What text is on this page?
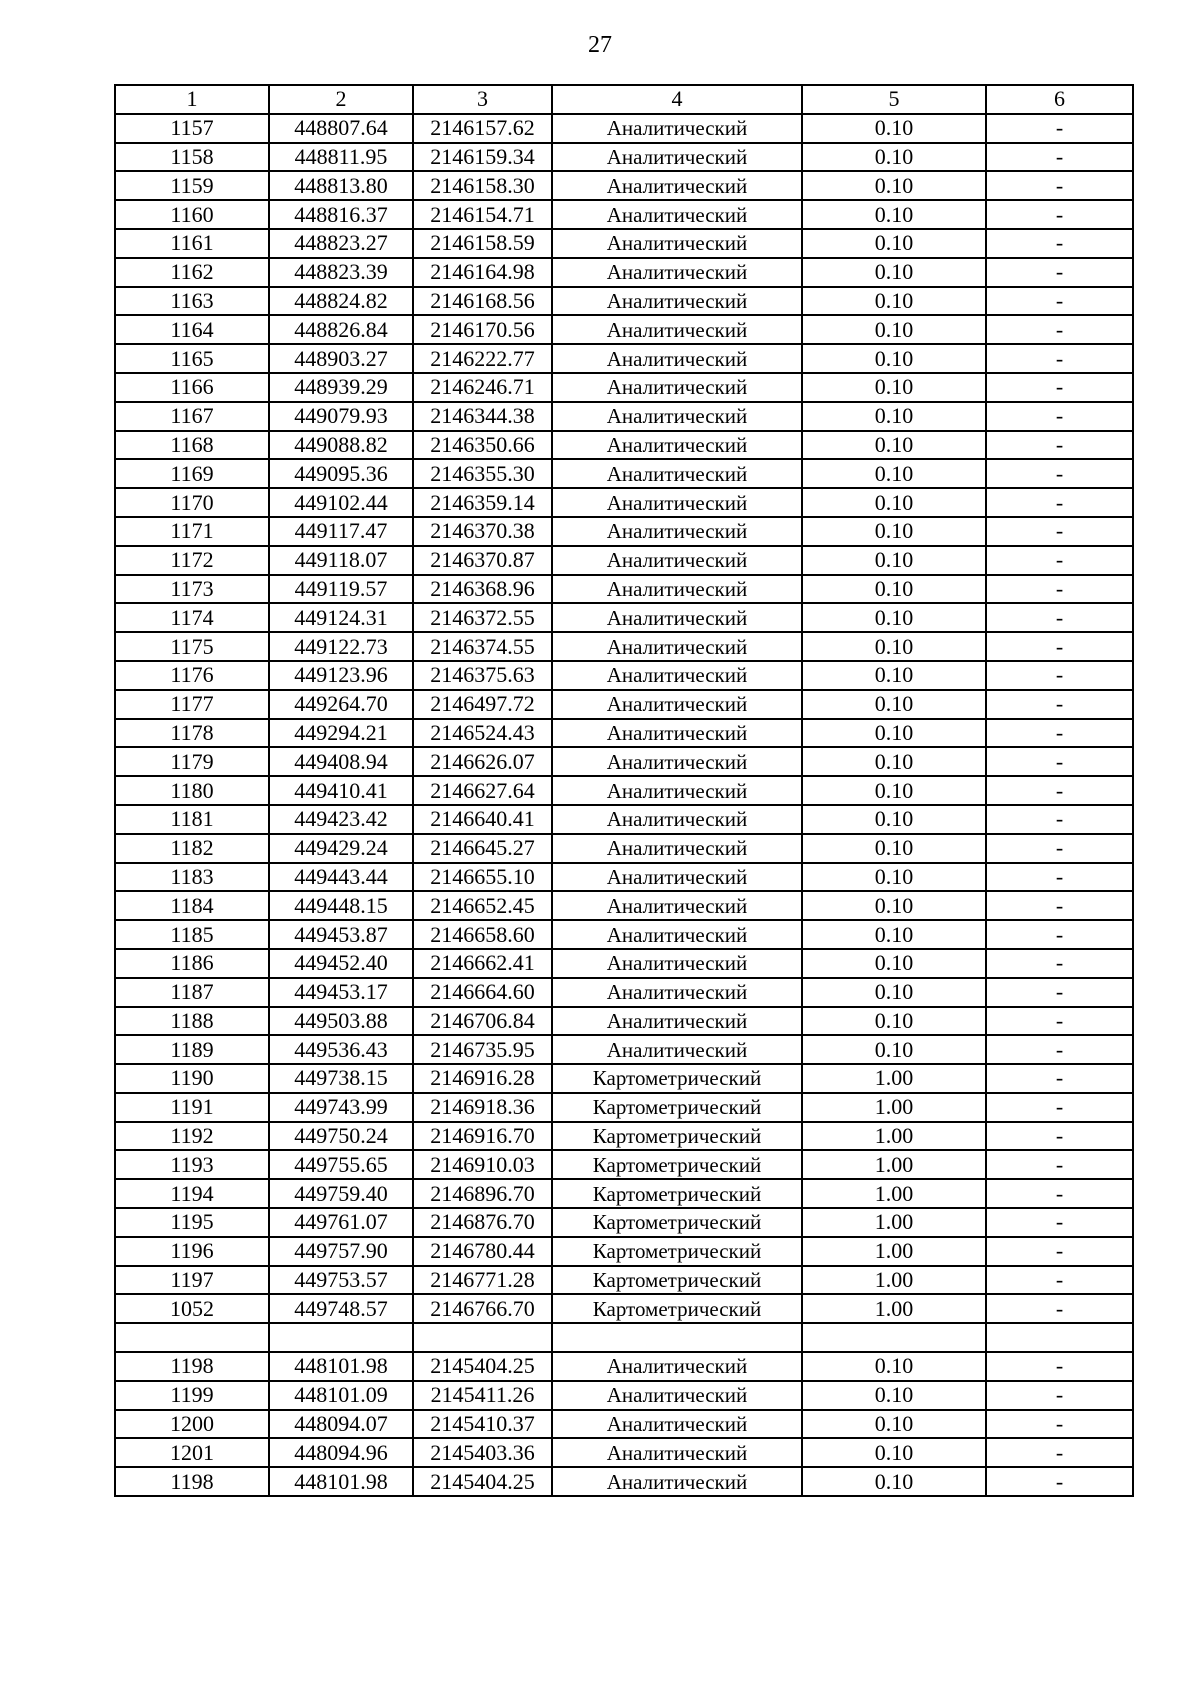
27
1	2	3	4	5	6
1157	448807.64	2146157.62	Аналитический	0.10	-
1158	448811.95	2146159.34	Аналитический	0.10	-
1159	448813.80	2146158.30	Аналитический	0.10	-
1160	448816.37	2146154.71	Аналитический	0.10	-
1161	448823.27	2146158.59	Аналитический	0.10	-
1162	448823.39	2146164.98	Аналитический	0.10	-
1163	448824.82	2146168.56	Аналитический	0.10	-
1164	448826.84	2146170.56	Аналитический	0.10	-
1165	448903.27	2146222.77	Аналитический	0.10	-
1166	448939.29	2146246.71	Аналитический	0.10	-
1167	449079.93	2146344.38	Аналитический	0.10	-
1168	449088.82	2146350.66	Аналитический	0.10	-
1169	449095.36	2146355.30	Аналитический	0.10	-
1170	449102.44	2146359.14	Аналитический	0.10	-
1171	449117.47	2146370.38	Аналитический	0.10	-
1172	449118.07	2146370.87	Аналитический	0.10	-
1173	449119.57	2146368.96	Аналитический	0.10	-
1174	449124.31	2146372.55	Аналитический	0.10	-
1175	449122.73	2146374.55	Аналитический	0.10	-
1176	449123.96	2146375.63	Аналитический	0.10	-
1177	449264.70	2146497.72	Аналитический	0.10	-
1178	449294.21	2146524.43	Аналитический	0.10	-
1179	449408.94	2146626.07	Аналитический	0.10	-
1180	449410.41	2146627.64	Аналитический	0.10	-
1181	449423.42	2146640.41	Аналитический	0.10	-
1182	449429.24	2146645.27	Аналитический	0.10	-
1183	449443.44	2146655.10	Аналитический	0.10	-
1184	449448.15	2146652.45	Аналитический	0.10	-
1185	449453.87	2146658.60	Аналитический	0.10	-
1186	449452.40	2146662.41	Аналитический	0.10	-
1187	449453.17	2146664.60	Аналитический	0.10	-
1188	449503.88	2146706.84	Аналитический	0.10	-
1189	449536.43	2146735.95	Аналитический	0.10	-
1190	449738.15	2146916.28	Картометрический	1.00	-
1191	449743.99	2146918.36	Картометрический	1.00	-
1192	449750.24	2146916.70	Картометрический	1.00	-
1193	449755.65	2146910.03	Картометрический	1.00	-
1194	449759.40	2146896.70	Картометрический	1.00	-
1195	449761.07	2146876.70	Картометрический	1.00	-
1196	449757.90	2146780.44	Картометрический	1.00	-
1197	449753.57	2146771.28	Картометрический	1.00	-
1052	449748.57	2146766.70	Картометрический	1.00	-

1198	448101.98	2145404.25	Аналитический	0.10	-
1199	448101.09	2145411.26	Аналитический	0.10	-
1200	448094.07	2145410.37	Аналитический	0.10	-
1201	448094.96	2145403.36	Аналитический	0.10	-
1198	448101.98	2145404.25	Аналитический	0.10	-
